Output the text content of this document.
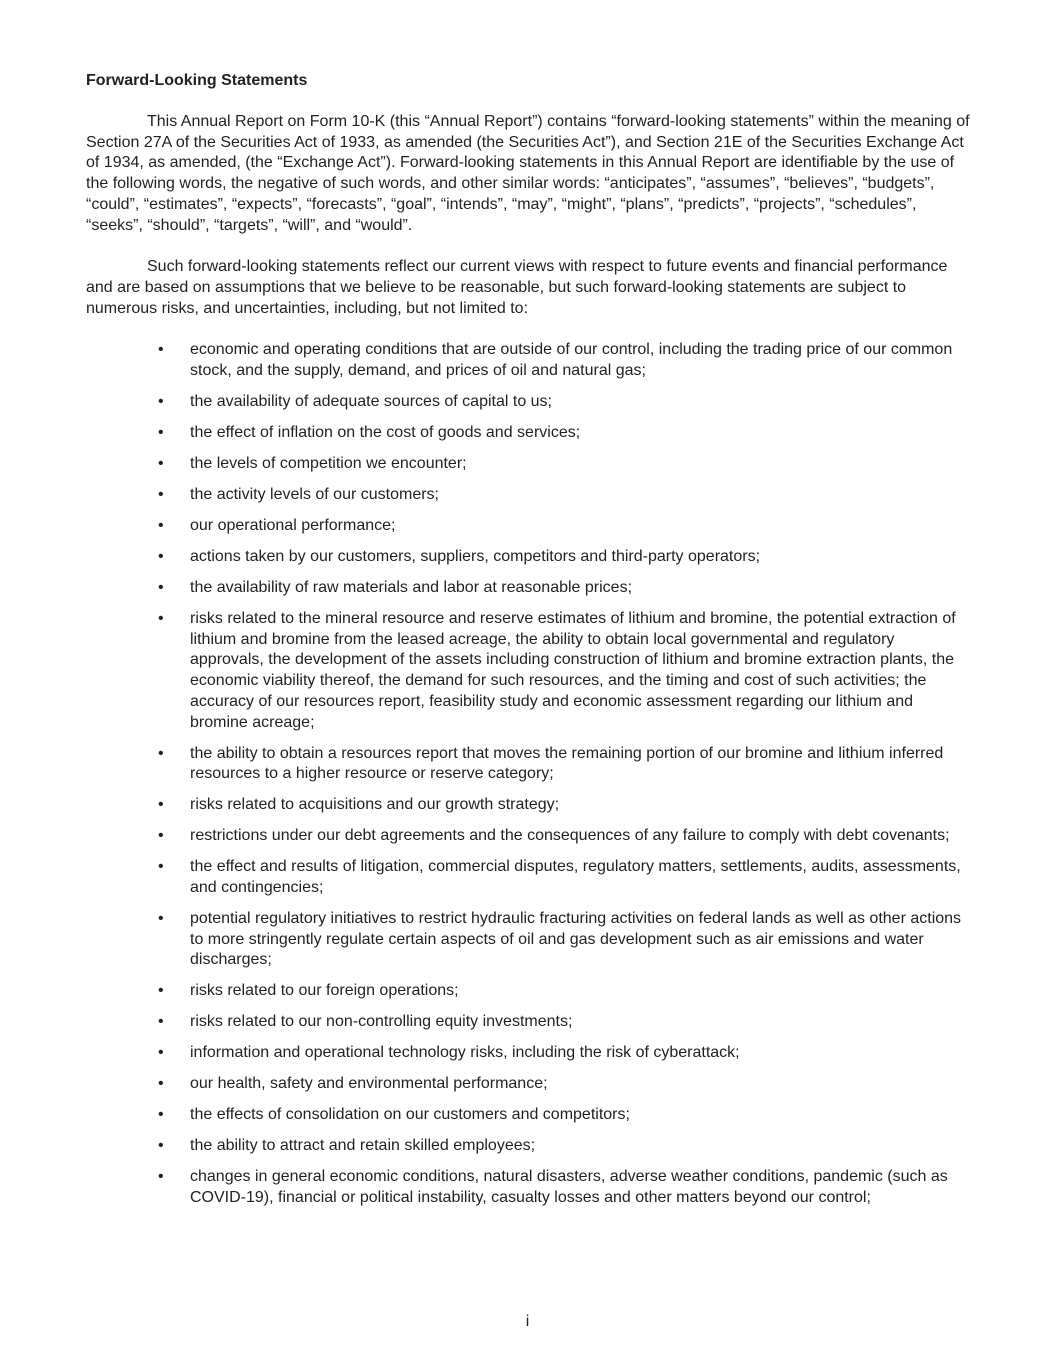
Forward-Looking Statements

This Annual Report on Form 10-K (this “Annual Report”) contains “forward-looking statements” within the meaning of Section 27A of the Securities Act of 1933, as amended (the Securities Act”), and Section 21E of the Securities Exchange Act of 1934, as amended, (the “Exchange Act”). Forward-looking statements in this Annual Report are identifiable by the use of the following words, the negative of such words, and other similar words: “anticipates”, “assumes”, “believes”, “budgets”, “could”, “estimates”, “expects”, “forecasts”, “goal”, “intends”, “may”, “might”, “plans”, “predicts”, “projects”, “schedules”, “seeks”, “should”, “targets”, “will”, and “would”.

Such forward-looking statements reflect our current views with respect to future events and financial performance and are based on assumptions that we believe to be reasonable, but such forward-looking statements are subject to numerous risks, and uncertainties, including, but not limited to:

• economic and operating conditions that are outside of our control, including the trading price of our common stock, and the supply, demand, and prices of oil and natural gas;
• the availability of adequate sources of capital to us;
• the effect of inflation on the cost of goods and services;
• the levels of competition we encounter;
• the activity levels of our customers;
• our operational performance;
• actions taken by our customers, suppliers, competitors and third-party operators;
• the availability of raw materials and labor at reasonable prices;
• risks related to the mineral resource and reserve estimates of lithium and bromine, the potential extraction of lithium and bromine from the leased acreage, the ability to obtain local governmental and regulatory approvals, the development of the assets including construction of lithium and bromine extraction plants, the economic viability thereof, the demand for such resources, and the timing and cost of such activities; the accuracy of our resources report, feasibility study and economic assessment regarding our lithium and bromine acreage;
• the ability to obtain a resources report that moves the remaining portion of our bromine and lithium inferred resources to a higher resource or reserve category;
• risks related to acquisitions and our growth strategy;
• restrictions under our debt agreements and the consequences of any failure to comply with debt covenants;
• the effect and results of litigation, commercial disputes, regulatory matters, settlements, audits, assessments, and contingencies;
• potential regulatory initiatives to restrict hydraulic fracturing activities on federal lands as well as other actions to more stringently regulate certain aspects of oil and gas development such as air emissions and water discharges;
• risks related to our foreign operations;
• risks related to our non-controlling equity investments;
• information and operational technology risks, including the risk of cyberattack;
• our health, safety and environmental performance;
• the effects of consolidation on our customers and competitors;
• the ability to attract and retain skilled employees;
• changes in general economic conditions, natural disasters, adverse weather conditions, pandemic (such as COVID-19), financial or political instability, casualty losses and other matters beyond our control;
i
